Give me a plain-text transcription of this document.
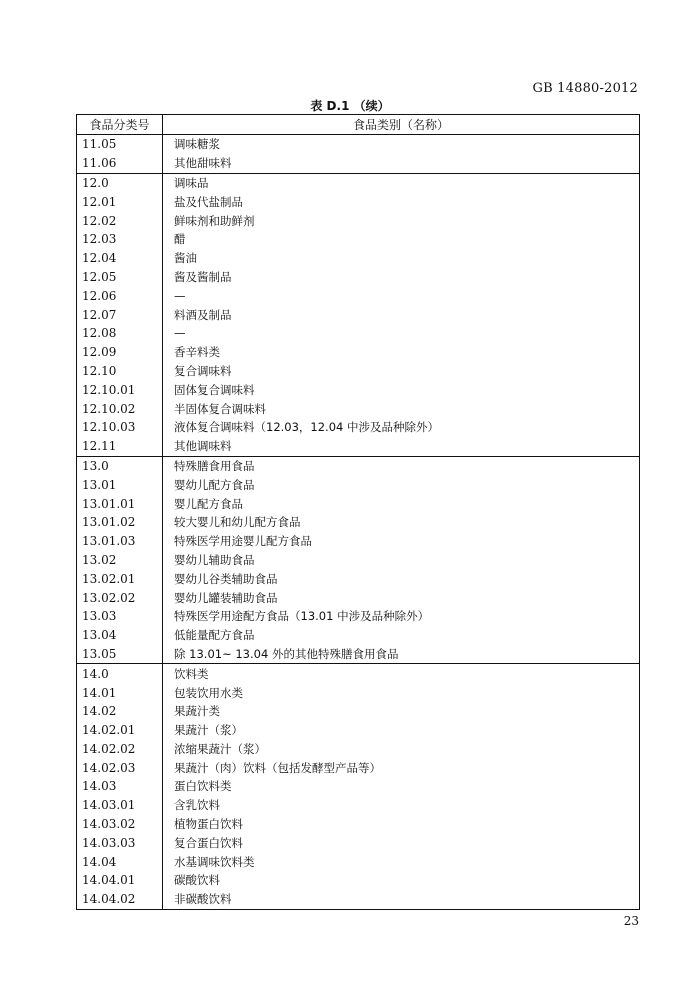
GB 14880-2012
表 D.1 （续）
食品分类号	食品类别（名称）
11.05	调味糖浆
11.06	其他甜味料
12.0	调味品
12.01	盐及代盐制品
12.02	鲜味剂和助鲜剂
12.03	醋
12.04	酱油
12.05	酱及酱制品
12.06	—
12.07	料酒及制品
12.08	—
12.09	香辛料类
12.10	复合调味料
12.10.01	固体复合调味料
12.10.02	半固体复合调味料
12.10.03	液体复合调味料（12.03，12.04 中涉及品种除外）
12.11	其他调味料
13.0	特殊膳食用食品
13.01	婴幼儿配方食品
13.01.01	婴儿配方食品
13.01.02	较大婴儿和幼儿配方食品
13.01.03	特殊医学用途婴儿配方食品
13.02	婴幼儿辅助食品
13.02.01	婴幼儿谷类辅助食品
13.02.02	婴幼儿罐装辅助食品
13.03	特殊医学用途配方食品（13.01 中涉及品种除外）
13.04	低能量配方食品
13.05	除 13.01~ 13.04 外的其他特殊膳食用食品
14.0	饮料类
14.01	包装饮用水类
14.02	果蔬汁类
14.02.01	果蔬汁（浆）
14.02.02	浓缩果蔬汁（浆）
14.02.03	果蔬汁（肉）饮料（包括发酵型产品等）
14.03	蛋白饮料类
14.03.01	含乳饮料
14.03.02	植物蛋白饮料
14.03.03	复合蛋白饮料
14.04	水基调味饮料类
14.04.01	碳酸饮料
14.04.02	非碳酸饮料
23
